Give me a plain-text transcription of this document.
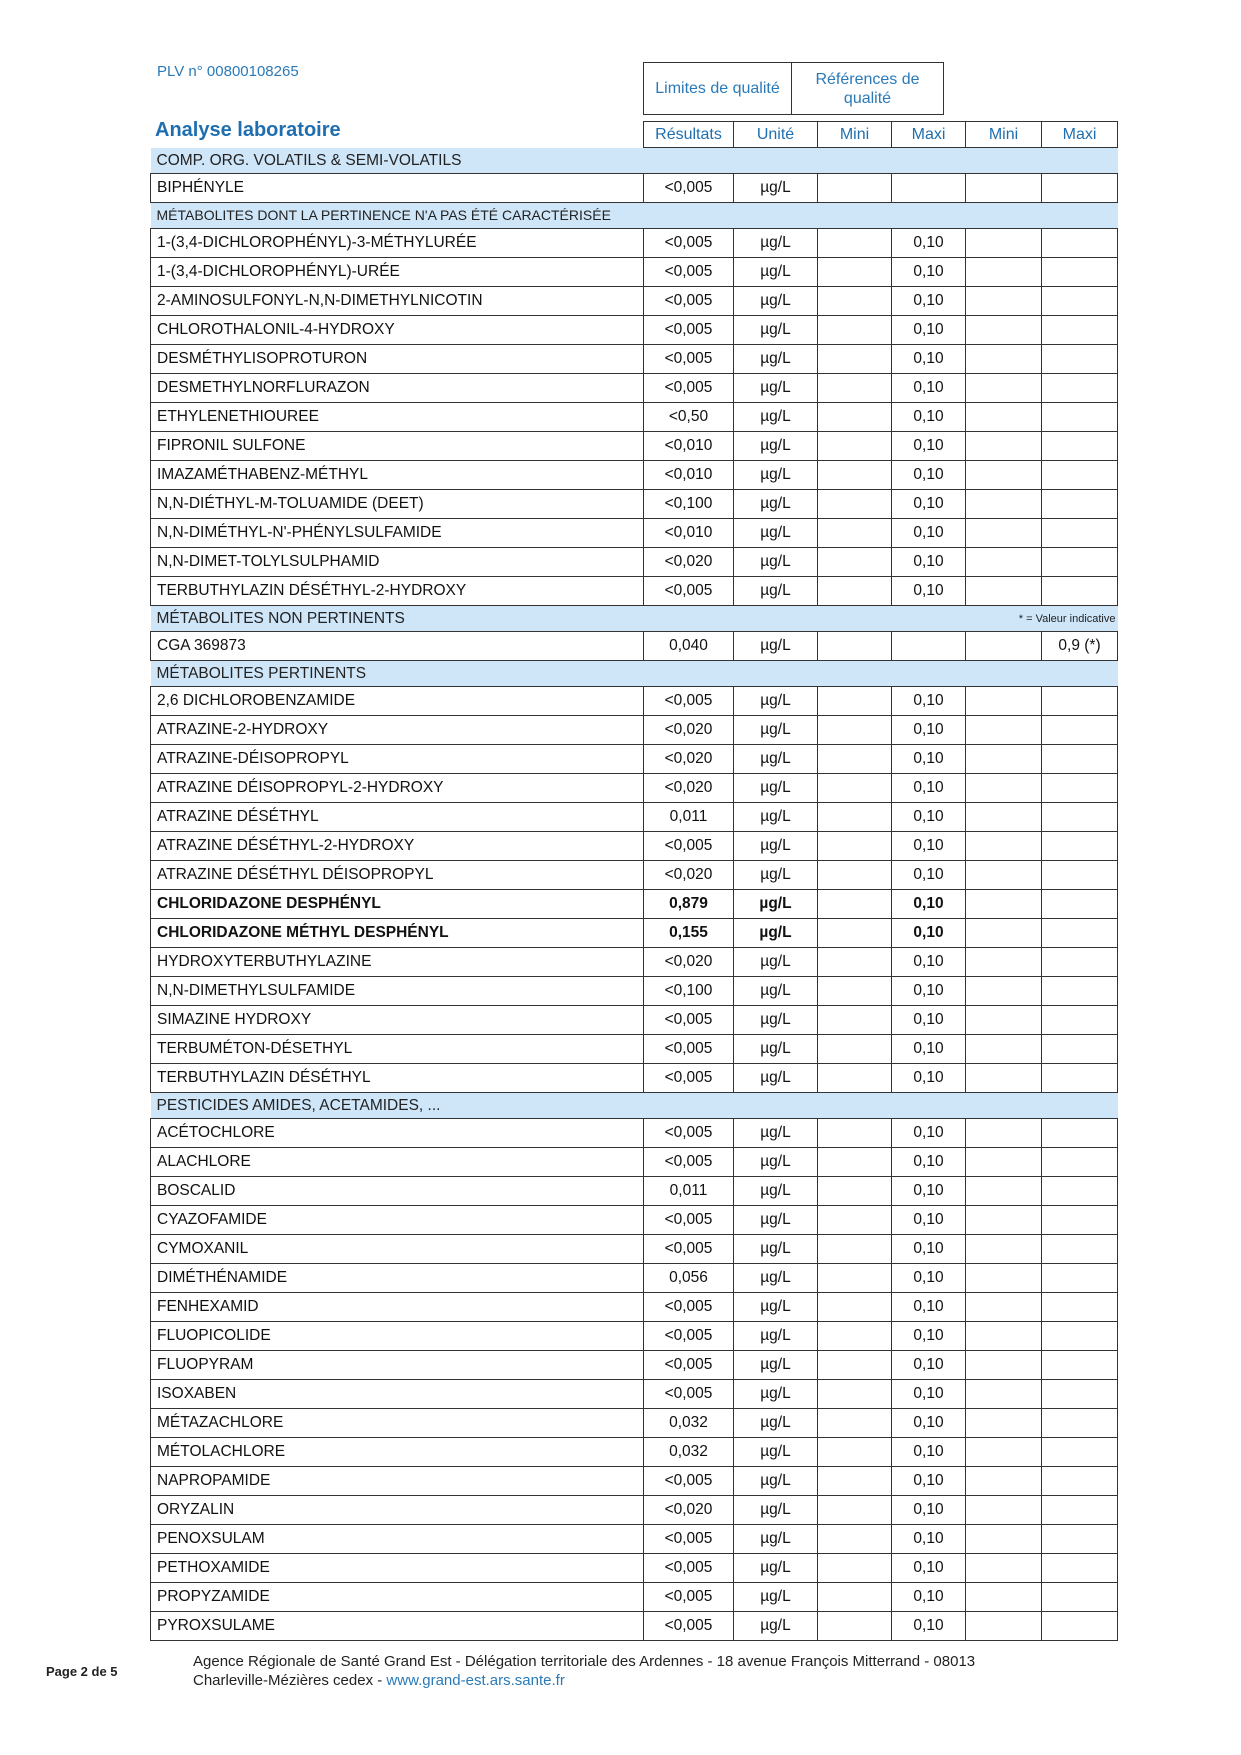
PLV n° 00800108265
Analyse laboratoire
Limites de qualité	Références de qualité
	Résultats	Unité	Mini	Maxi	Mini	Maxi
COMP. ORG. VOLATILS & SEMI-VOLATILS						
BIPHÉNYLE	<0,005	µg/L				
MÉTABOLITES DONT LA PERTINENCE N'A PAS ÉTÉ CARACTÉRISÉE						
1-(3,4-DICHLOROPHÉNYL)-3-MÉTHYLURÉE	<0,005	µg/L		0,10		
1-(3,4-DICHLOROPHÉNYL)-URÉE	<0,005	µg/L		0,10		
2-AMINOSULFONYL-N,N-DIMETHYLNICOTIN	<0,005	µg/L		0,10		
CHLOROTHALONIL-4-HYDROXY	<0,005	µg/L		0,10		
DESMÉTHYLISOPROTURON	<0,005	µg/L		0,10		
DESMETHYLNORFLURAZON	<0,005	µg/L		0,10		
ETHYLENETHIOUREE	<0,50	µg/L		0,10		
FIPRONIL SULFONE	<0,010	µg/L		0,10		
IMAZAMÉTHABENZ-MÉTHYL	<0,010	µg/L		0,10		
N,N-DIÉTHYL-M-TOLUAMIDE (DEET)	<0,100	µg/L		0,10		
N,N-DIMÉTHYL-N'-PHÉNYLSULFAMIDE	<0,010	µg/L		0,10		
N,N-DIMET-TOLYLSULPHAMID	<0,020	µg/L		0,10		
TERBUTHYLAZIN DÉSÉTHYL-2-HYDROXY	<0,005	µg/L		0,10		
MÉTABOLITES NON PERTINENTS					* = Valeur indicative	
CGA 369873	0,040	µg/L				0,9 (*)
MÉTABOLITES PERTINENTS						
2,6 DICHLOROBENZAMIDE	<0,005	µg/L		0,10		
ATRAZINE-2-HYDROXY	<0,020	µg/L		0,10		
ATRAZINE-DÉISOPROPYL	<0,020	µg/L		0,10		
ATRAZINE DÉISOPROPYL-2-HYDROXY	<0,020	µg/L		0,10		
ATRAZINE DÉSÉTHYL	0,011	µg/L		0,10		
ATRAZINE DÉSÉTHYL-2-HYDROXY	<0,005	µg/L		0,10		
ATRAZINE DÉSÉTHYL DÉISOPROPYL	<0,020	µg/L		0,10		
CHLORIDAZONE DESPHÉNYL	0,879	µg/L		0,10		
CHLORIDAZONE MÉTHYL DESPHÉNYL	0,155	µg/L		0,10		
HYDROXYTERBUTHYLAZINE	<0,020	µg/L		0,10		
N,N-DIMETHYLSULFAMIDE	<0,100	µg/L		0,10		
SIMAZINE HYDROXY	<0,005	µg/L		0,10		
TERBUMÉTON-DÉSETHYL	<0,005	µg/L		0,10		
TERBUTHYLAZIN DÉSÉTHYL	<0,005	µg/L		0,10		
PESTICIDES AMIDES, ACETAMIDES, ...						
ACÉTOCHLORE	<0,005	µg/L		0,10		
ALACHLORE	<0,005	µg/L		0,10		
BOSCALID	0,011	µg/L		0,10		
CYAZOFAMIDE	<0,005	µg/L		0,10		
CYMOXANIL	<0,005	µg/L		0,10		
DIMÉTHÉNAMIDE	0,056	µg/L		0,10		
FENHEXAMID	<0,005	µg/L		0,10		
FLUOPICOLIDE	<0,005	µg/L		0,10		
FLUOPYRAM	<0,005	µg/L		0,10		
ISOXABEN	<0,005	µg/L		0,10		
MÉTAZACHLORE	0,032	µg/L		0,10		
MÉTOLACHLORE	0,032	µg/L		0,10		
NAPROPAMIDE	<0,005	µg/L		0,10		
ORYZALIN	<0,020	µg/L		0,10		
PENOXSULAM	<0,005	µg/L		0,10		
PETHOXAMIDE	<0,005	µg/L		0,10		
PROPYZAMIDE	<0,005	µg/L		0,10		
PYROXSULAME	<0,005	µg/L		0,10		
Page 2 de 5
Agence Régionale de Santé Grand Est - Délégation territoriale des Ardennes - 18 avenue François Mitterrand - 08013
Charleville-Mézières cedex - www.grand-est.ars.sante.fr
